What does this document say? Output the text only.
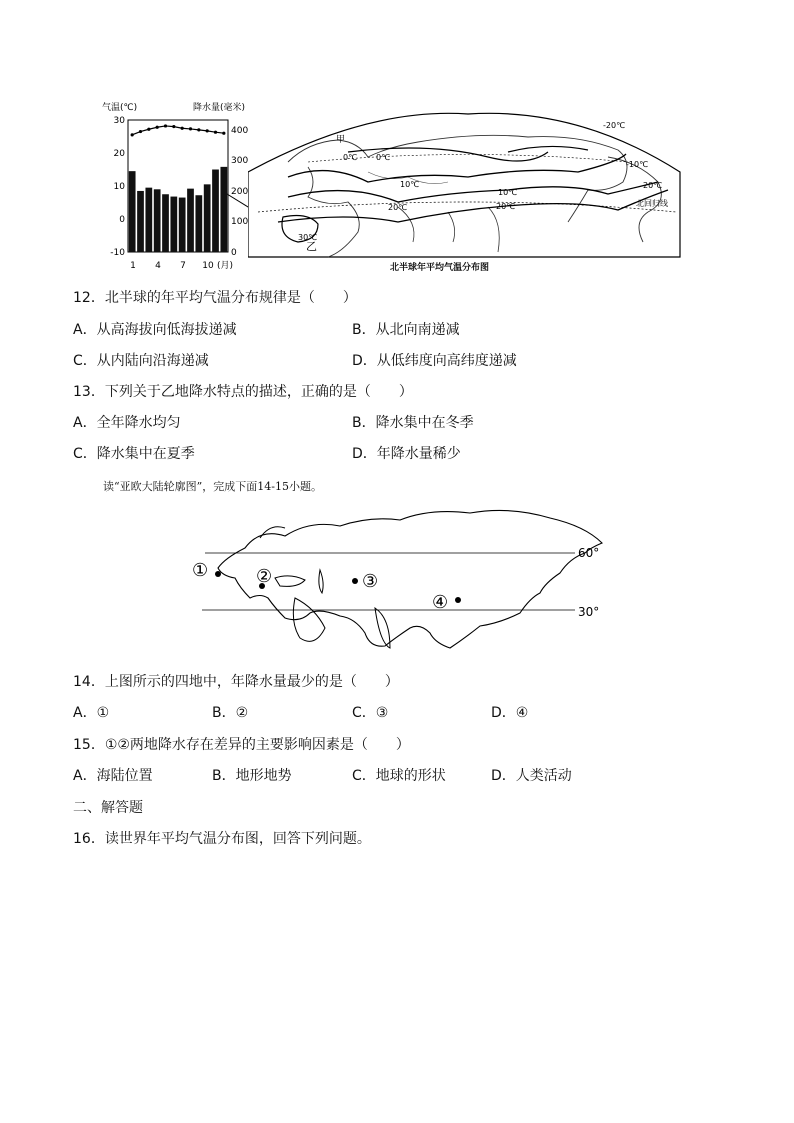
气温(℃)	降水量(毫米)
30
20
10
0
-10
400
300
200
100
0
1 4 7 10 (月)
0℃
10℃
20℃
10℃
20℃
0℃
-10℃
-20℃
20℃
30℃
北回归线
甲
乙
北半球年平均气温分布图
12．北半球的年平均气温分布规律是（　　）
A．从高海拔向低海拔递减	B．从北向南递减
C．从内陆向沿海递减	D．从低纬度向高纬度递减
13．下列关于乙地降水特点的描述，正确的是（　　）
A．全年降水均匀	B．降水集中在冬季
C．降水集中在夏季	D．年降水量稀少
读“亚欧大陆轮廓图”，完成下面14-15小题。
60°
30°
①	②	③
④
14．上图所示的四地中，年降水量最少的是（　　）
A．①	B．②	C．③	D．④
15．①②两地降水存在差异的主要影响因素是（　　）
A．海陆位置	B．地形地势	C．地球的形状	D．人类活动
二、解答题
16．读世界年平均气温分布图，回答下列问题。
